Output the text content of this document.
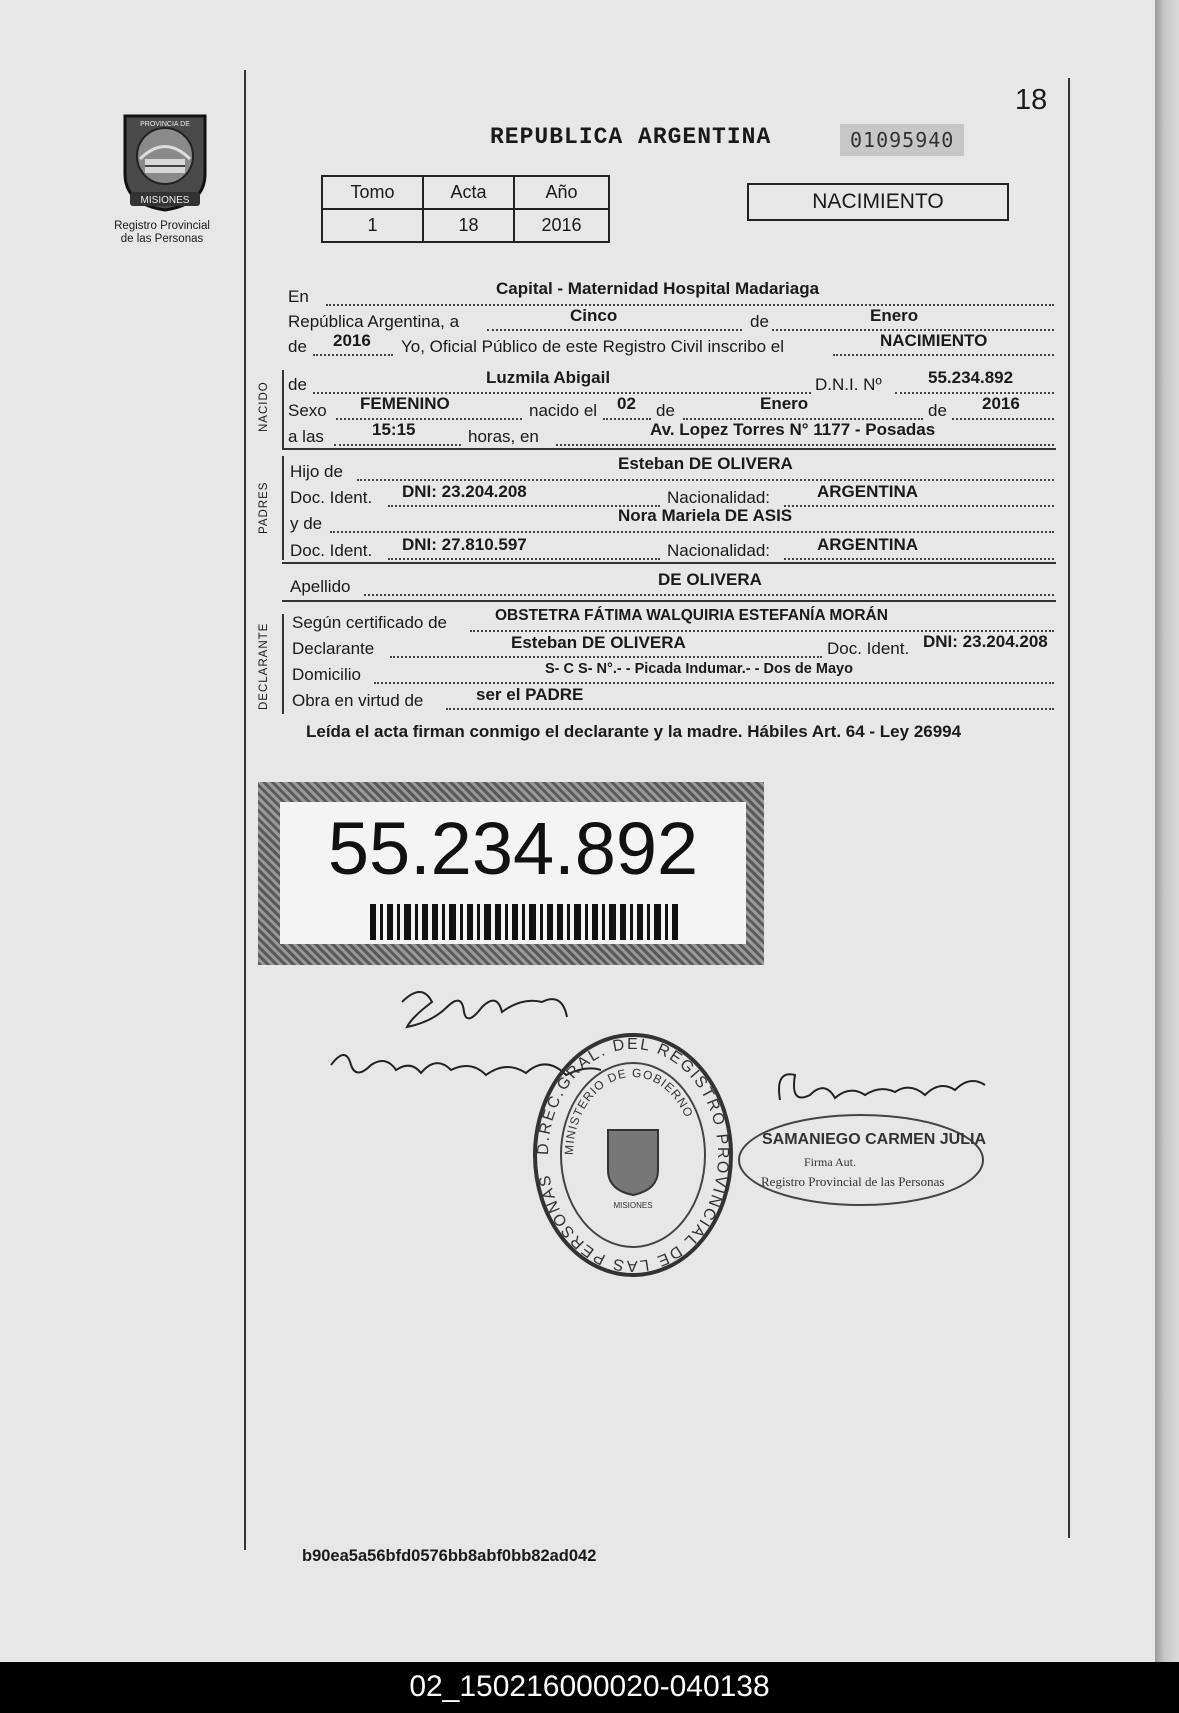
18
MISIONES
PROVINCIA DE
Registro Provincial
de las Personas
REPUBLICA ARGENTINA	01095940
Tomo	Acta	Año
1	18	2016
NACIMIENTO
En	Capital - Maternidad Hospital Madariaga
República Argentina, a	Cinco	de	Enero
de 2016 Yo, Oficial Público de este Registro Civil inscribo el	NACIMIENTO
NACIDO de	Luzmila Abigail	D.N.I. Nº	55.234.892
Sexo FEMENINO	nacido el 02 de	Enero	de 2016
a las	15:15	horas, en	Av. Lopez Torres N° 1177 - Posadas
PADRES
Hijo de	Esteban DE OLIVERA
Doc. Ident. DNI: 23.204.208	Nacionalidad:	ARGENTINA
y de	Nora Mariela DE ASIS
Doc. Ident. DNI: 27.810.597	Nacionalidad:	ARGENTINA
Apellido	DE OLIVERA
DECLARANTE
Según certificado de	OBSTETRA FÁTIMA WALQUIRIA ESTEFANÍA MORÁN
Declarante	Esteban DE OLIVERA	Doc. Ident. DNI: 23.204.208
Domicilio	S- C S- N°.- - Picada Indumar.- - Dos de Mayo
Obra en virtud de	ser el PADRE
Leída el acta firman conmigo el declarante y la madre. Hábiles Art. 64 - Ley 26994
55.234.892
Ebe Olor
De asis nora mariela
D.REC.GRAL. DEL REGISTRO PROVINCIAL DE LAS PERSONAS
MINISTERIO DE GOBIERNO
MISIONES
Grupo de Carmut
SAMANIEGO CARMEN JULIA
Firma Aut.
Registro Provincial de las Personas
b90ea5a56bfd0576bb8abf0bb82ad042
02_150216000020-040138
